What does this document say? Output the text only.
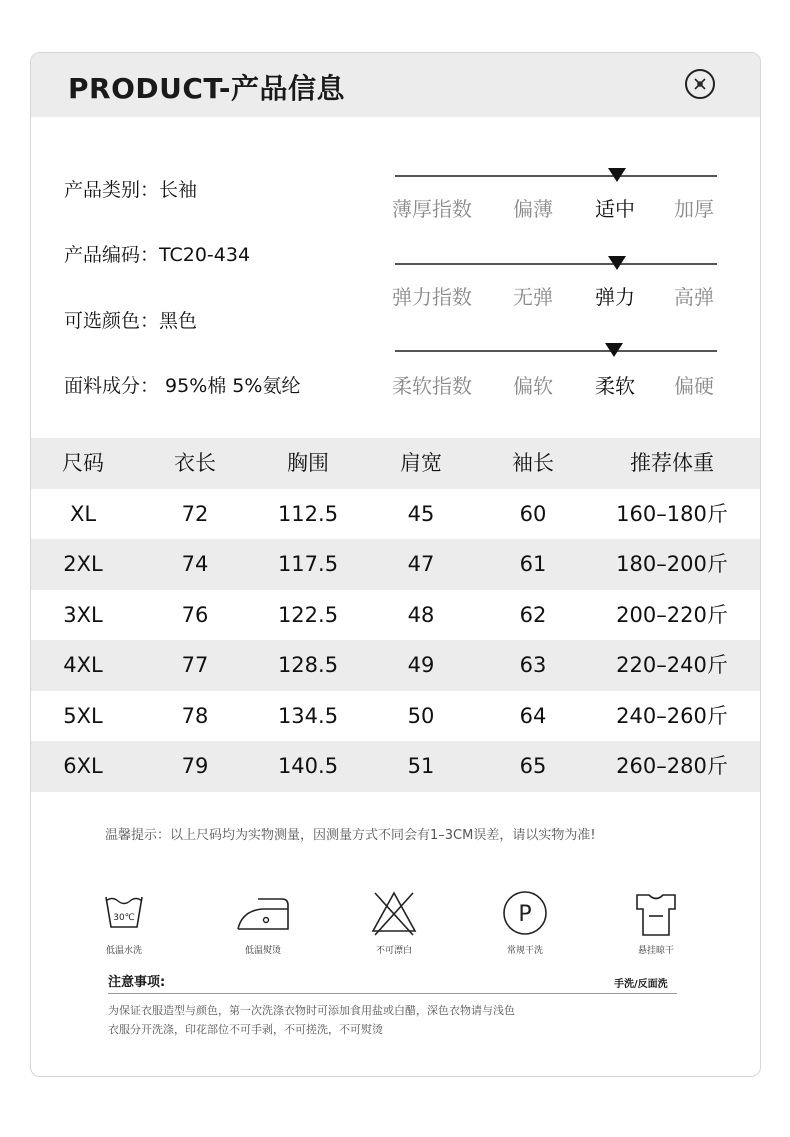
PRODUCT-产品信息
产品类别：长袖
产品编码：TC20-434
可选颜色：黑色
面料成分： 95%棉 5%氨纶
薄厚指数 偏薄 适中 加厚
弹力指数 无弹 弹力 高弹
柔软指数 偏软 柔软 偏硬
尺码	衣长	胸围	肩宽	袖长	推荐体重
XL	72	112.5	45	60	160–180斤
2XL	74	117.5	47	61	180–200斤
3XL	76	122.5	48	62	200–220斤
4XL	77	128.5	49	63	220–240斤
5XL	78	134.5	50	64	240–260斤
6XL	79	140.5	51	65	260–280斤
温馨提示：以上尺码均为实物测量，因测量方式不同会有1–3CM误差，请以实物为准!
30℃
低温水洗	低温熨烫	不可漂白
P
常规干洗	悬挂晾干
注意事项:	手洗/反面洗
为保证衣服造型与颜色，第一次洗涤衣物时可添加食用盐或白醋，深色衣物请与浅色
衣服分开洗涤，印花部位不可手剥，不可搓洗，不可熨烫
